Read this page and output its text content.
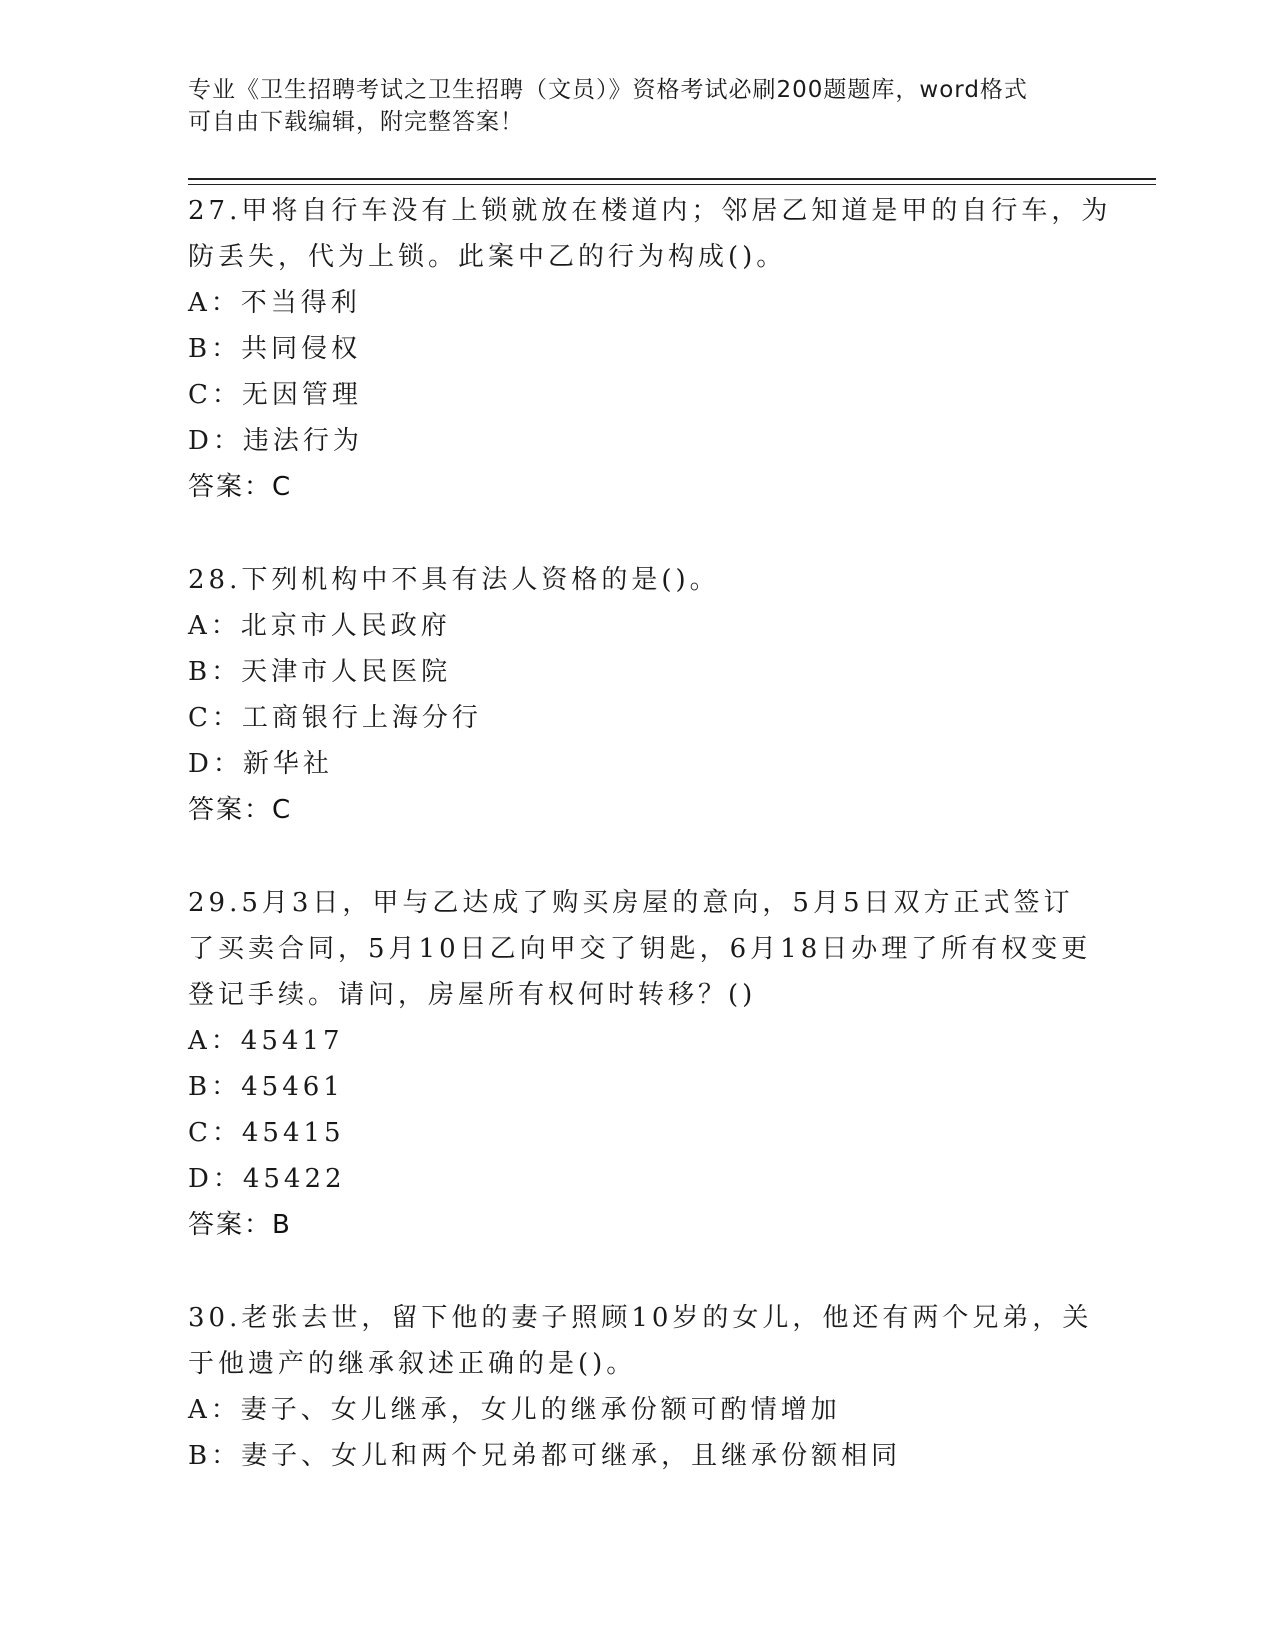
专业《卫生招聘考试之卫生招聘（文员）》资格考试必刷200题题库，word格式
可自由下载编辑，附完整答案！
27.甲将自行车没有上锁就放在楼道内；邻居乙知道是甲的自行车，为
防丢失，代为上锁。此案中乙的行为构成()。
A：不当得利
B：共同侵权
C：无因管理
D：违法行为
答案：C
28.下列机构中不具有法人资格的是()。
A：北京市人民政府
B：天津市人民医院
C：工商银行上海分行
D：新华社
答案：C
29.5月3日，甲与乙达成了购买房屋的意向，5月5日双方正式签订
了买卖合同，5月10日乙向甲交了钥匙，6月18日办理了所有权变更
登记手续。请问，房屋所有权何时转移？()
A：45417
B：45461
C：45415
D：45422
答案：B
30.老张去世，留下他的妻子照顾10岁的女儿，他还有两个兄弟，关
于他遗产的继承叙述正确的是()。
A：妻子、女儿继承，女儿的继承份额可酌情增加
B：妻子、女儿和两个兄弟都可继承，且继承份额相同
